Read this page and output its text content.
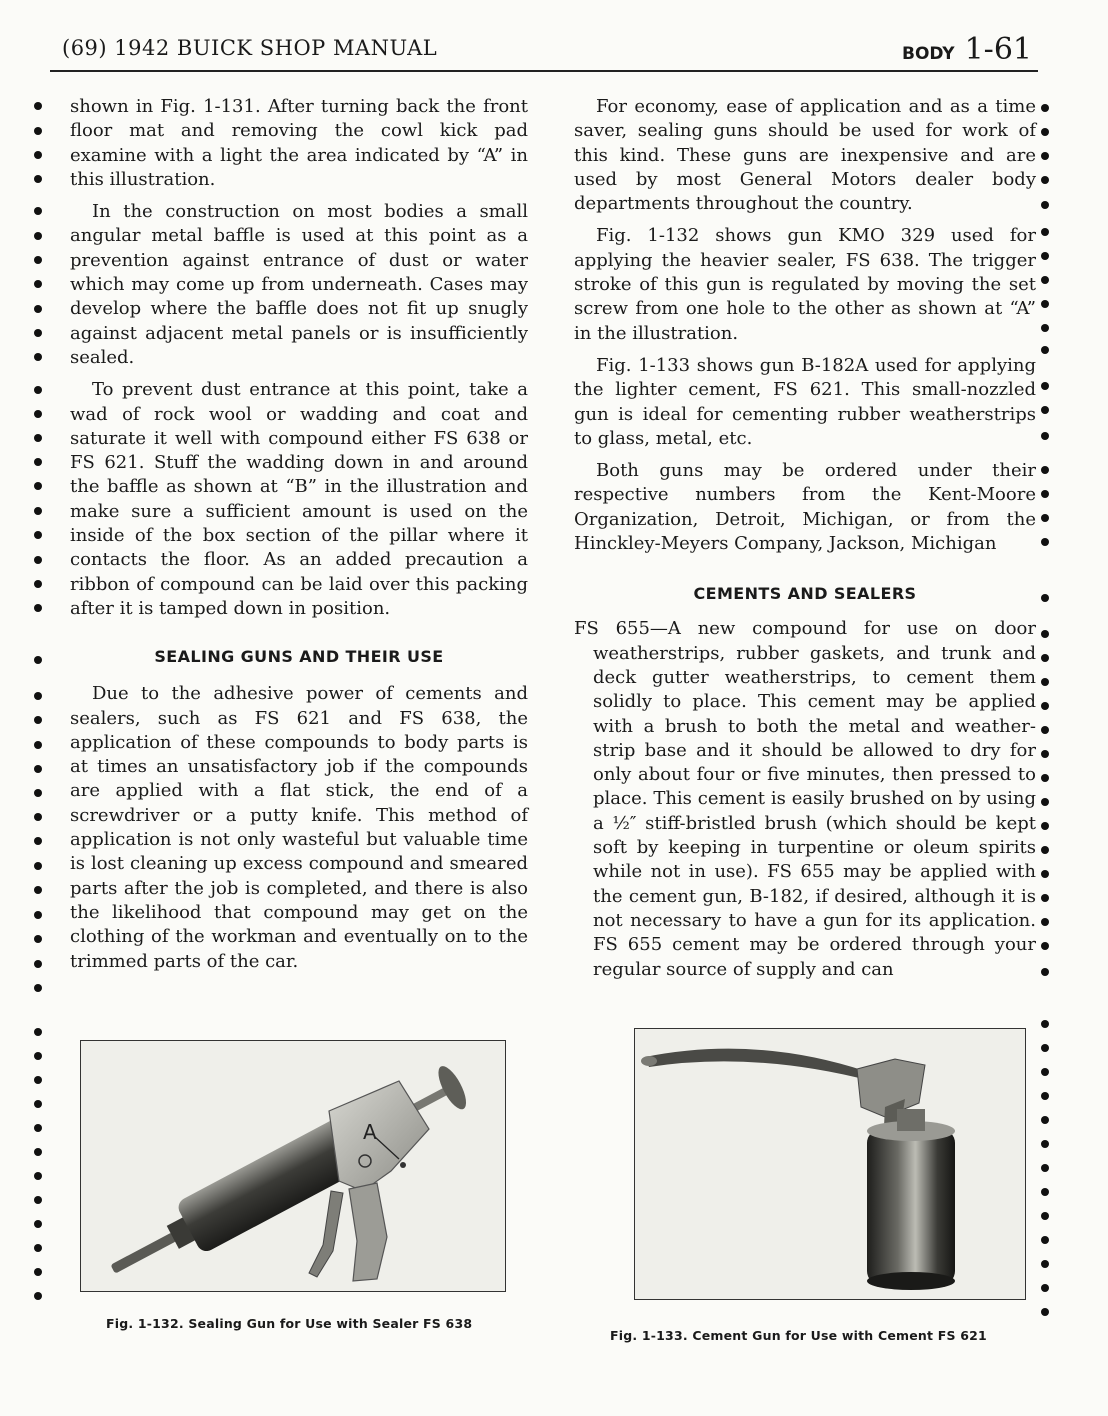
(69) 1942 BUICK SHOP MANUAL	BODY 1-61

shown in Fig. 1-131. After turning back the front floor mat and removing the cowl kick pad examine with a light the area indicated by “A” in this illustration.

In the construction on most bodies a small angular metal baffle is used at this point as a prevention against entrance of dust or water which may come up from underneath. Cases may develop where the baffle does not fit up snugly against adjacent metal panels or is insufficiently sealed.

To prevent dust entrance at this point, take a wad of rock wool or wadding and coat and saturate it well with compound either FS 638 or FS 621. Stuff the wadding down in and around the baffle as shown at “B” in the illustration and make sure a sufficient amount is used on the inside of the box section of the pillar where it contacts the floor. As an added precaution a ribbon of compound can be laid over this packing after it is tamped down in position.

SEALING GUNS AND THEIR USE

Due to the adhesive power of cements and sealers, such as FS 621 and FS 638, the application of these compounds to body parts is at times an unsatisfactory job if the compounds are applied with a flat stick, the end of a screwdriver or a putty knife. This method of application is not only wasteful but valuable time is lost cleaning up excess compound and smeared parts after the job is completed, and there is also the likelihood that compound may get on the clothing of the workman and eventually on to the trimmed parts of the car.

For economy, ease of application and as a time saver, sealing guns should be used for work of this kind. These guns are inexpensive and are used by most General Motors dealer body departments throughout the country.

Fig. 1-132 shows gun KMO 329 used for applying the heavier sealer, FS 638. The trigger stroke of this gun is regulated by moving the set screw from one hole to the other as shown at “A” in the illustration.

Fig. 1-133 shows gun B-182A used for applying the lighter cement, FS 621. This small-nozzled gun is ideal for cementing rubber weatherstrips to glass, metal, etc.

Both guns may be ordered under their respective numbers from the Kent-Moore Organization, Detroit, Michigan, or from the Hinckley-Meyers Company, Jackson, Michigan

CEMENTS AND SEALERS

FS 655—A new compound for use on door weatherstrips, rubber gaskets, and trunk and deck gutter weatherstrips, to cement them solidly to place. This cement may be applied with a brush to both the metal and weather-strip base and it should be allowed to dry for only about four or five minutes, then pressed to place. This cement is easily brushed on by using a ½″ stiff-bristled brush (which should be kept soft by keeping in turpentine or oleum spirits while not in use). FS 655 may be applied with the cement gun, B-182, if desired, although it is not necessary to have a gun for its application. FS 655 cement may be ordered through your regular source of supply and can

A
Fig. 1-132. Sealing Gun for Use with Sealer FS 638
Fig. 1-133. Cement Gun for Use with Cement FS 621
